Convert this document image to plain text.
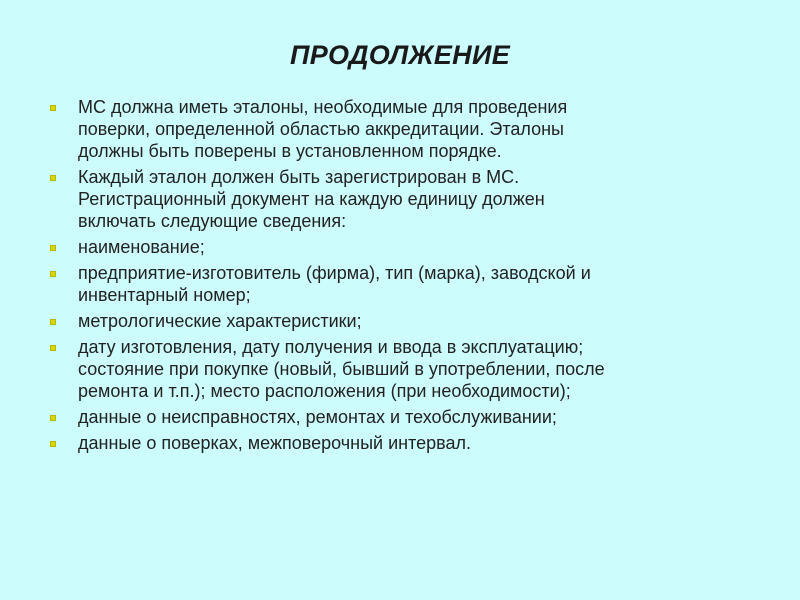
ПРОДОЛЖЕНИЕ
МС должна иметь эталоны, необходимые для проведения
поверки, определенной областью аккредитации. Эталоны
должны быть поверены в установленном порядке.
Каждый эталон должен быть зарегистрирован в МС.
Регистрационный документ на каждую единицу должен
включать следующие сведения:
наименование;
предприятие-изготовитель (фирма), тип (марка), заводской и
инвентарный номер;
метрологические характеристики;
дату изготовления, дату получения и ввода в эксплуатацию;
состояние при покупке (новый, бывший в употреблении, после
ремонта и т.п.); место расположения (при необходимости);
данные о неисправностях, ремонтах и техобслуживании;
данные о поверках, межповерочный интервал.
